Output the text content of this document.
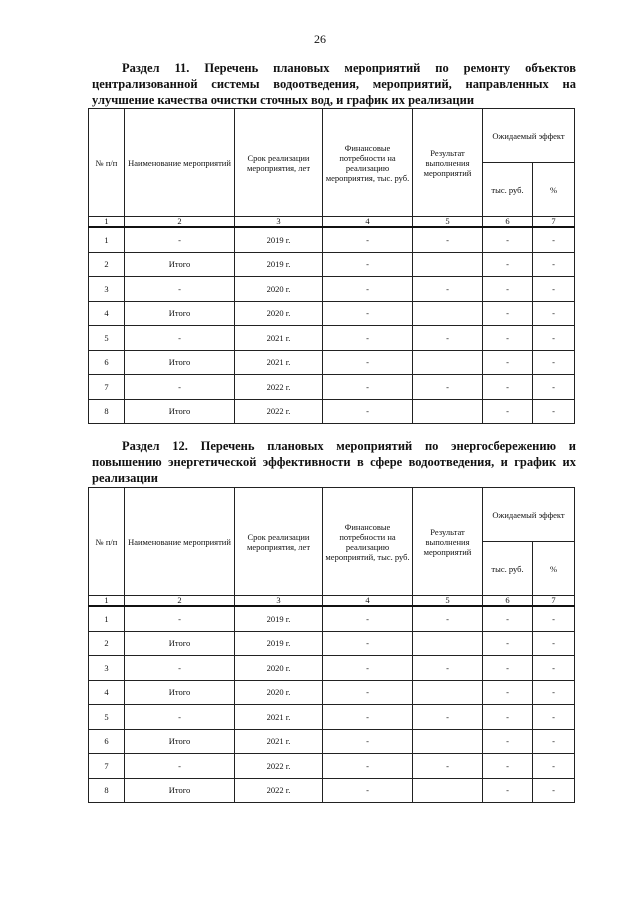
26
Раздел 11. Перечень плановых мероприятий по ремонту объектов централизованной системы водоотведения, мероприятий, направленных на улучшение качества очистки сточных вод, и график их реализации
№ п/п	Наименование мероприятий	Срок реализации мероприятия, лет	Финансовые потребности на реализацию мероприятия, тыс. руб.	Результат выполнения мероприятий	Ожидаемый эффект	
					тыс. руб.	%
1	2	3	4	5	6	7
1	-	2019 г.	-	-	-	-
2	Итого	2019 г.	-		-	-
3	-	2020 г.	-	-	-	-
4	Итого	2020 г.	-		-	-
5	-	2021 г.	-	-	-	-
6	Итого	2021 г.	-		-	-
7	-	2022 г.	-	-	-	-
8	Итого	2022 г.	-		-	-
Раздел 12. Перечень плановых мероприятий по энергосбережению и повышению энергетической эффективности в сфере водоотведения, и график их реализации
№ п/п	Наименование мероприятий	Срок реализации мероприятия, лет	Финансовые потребности на реализацию мероприятий, тыс. руб.	Результат выполнения мероприятий	Ожидаемый эффект	
					тыс. руб.	%
1	2	3	4	5	6	7
1	-	2019 г.	-	-	-	-
2	Итого	2019 г.	-		-	-
3	-	2020 г.	-	-	-	-
4	Итого	2020 г.	-		-	-
5	-	2021 г.	-	-	-	-
6	Итого	2021 г.	-		-	-
7	-	2022 г.	-	-	-	-
8	Итого	2022 г.	-		-	-
